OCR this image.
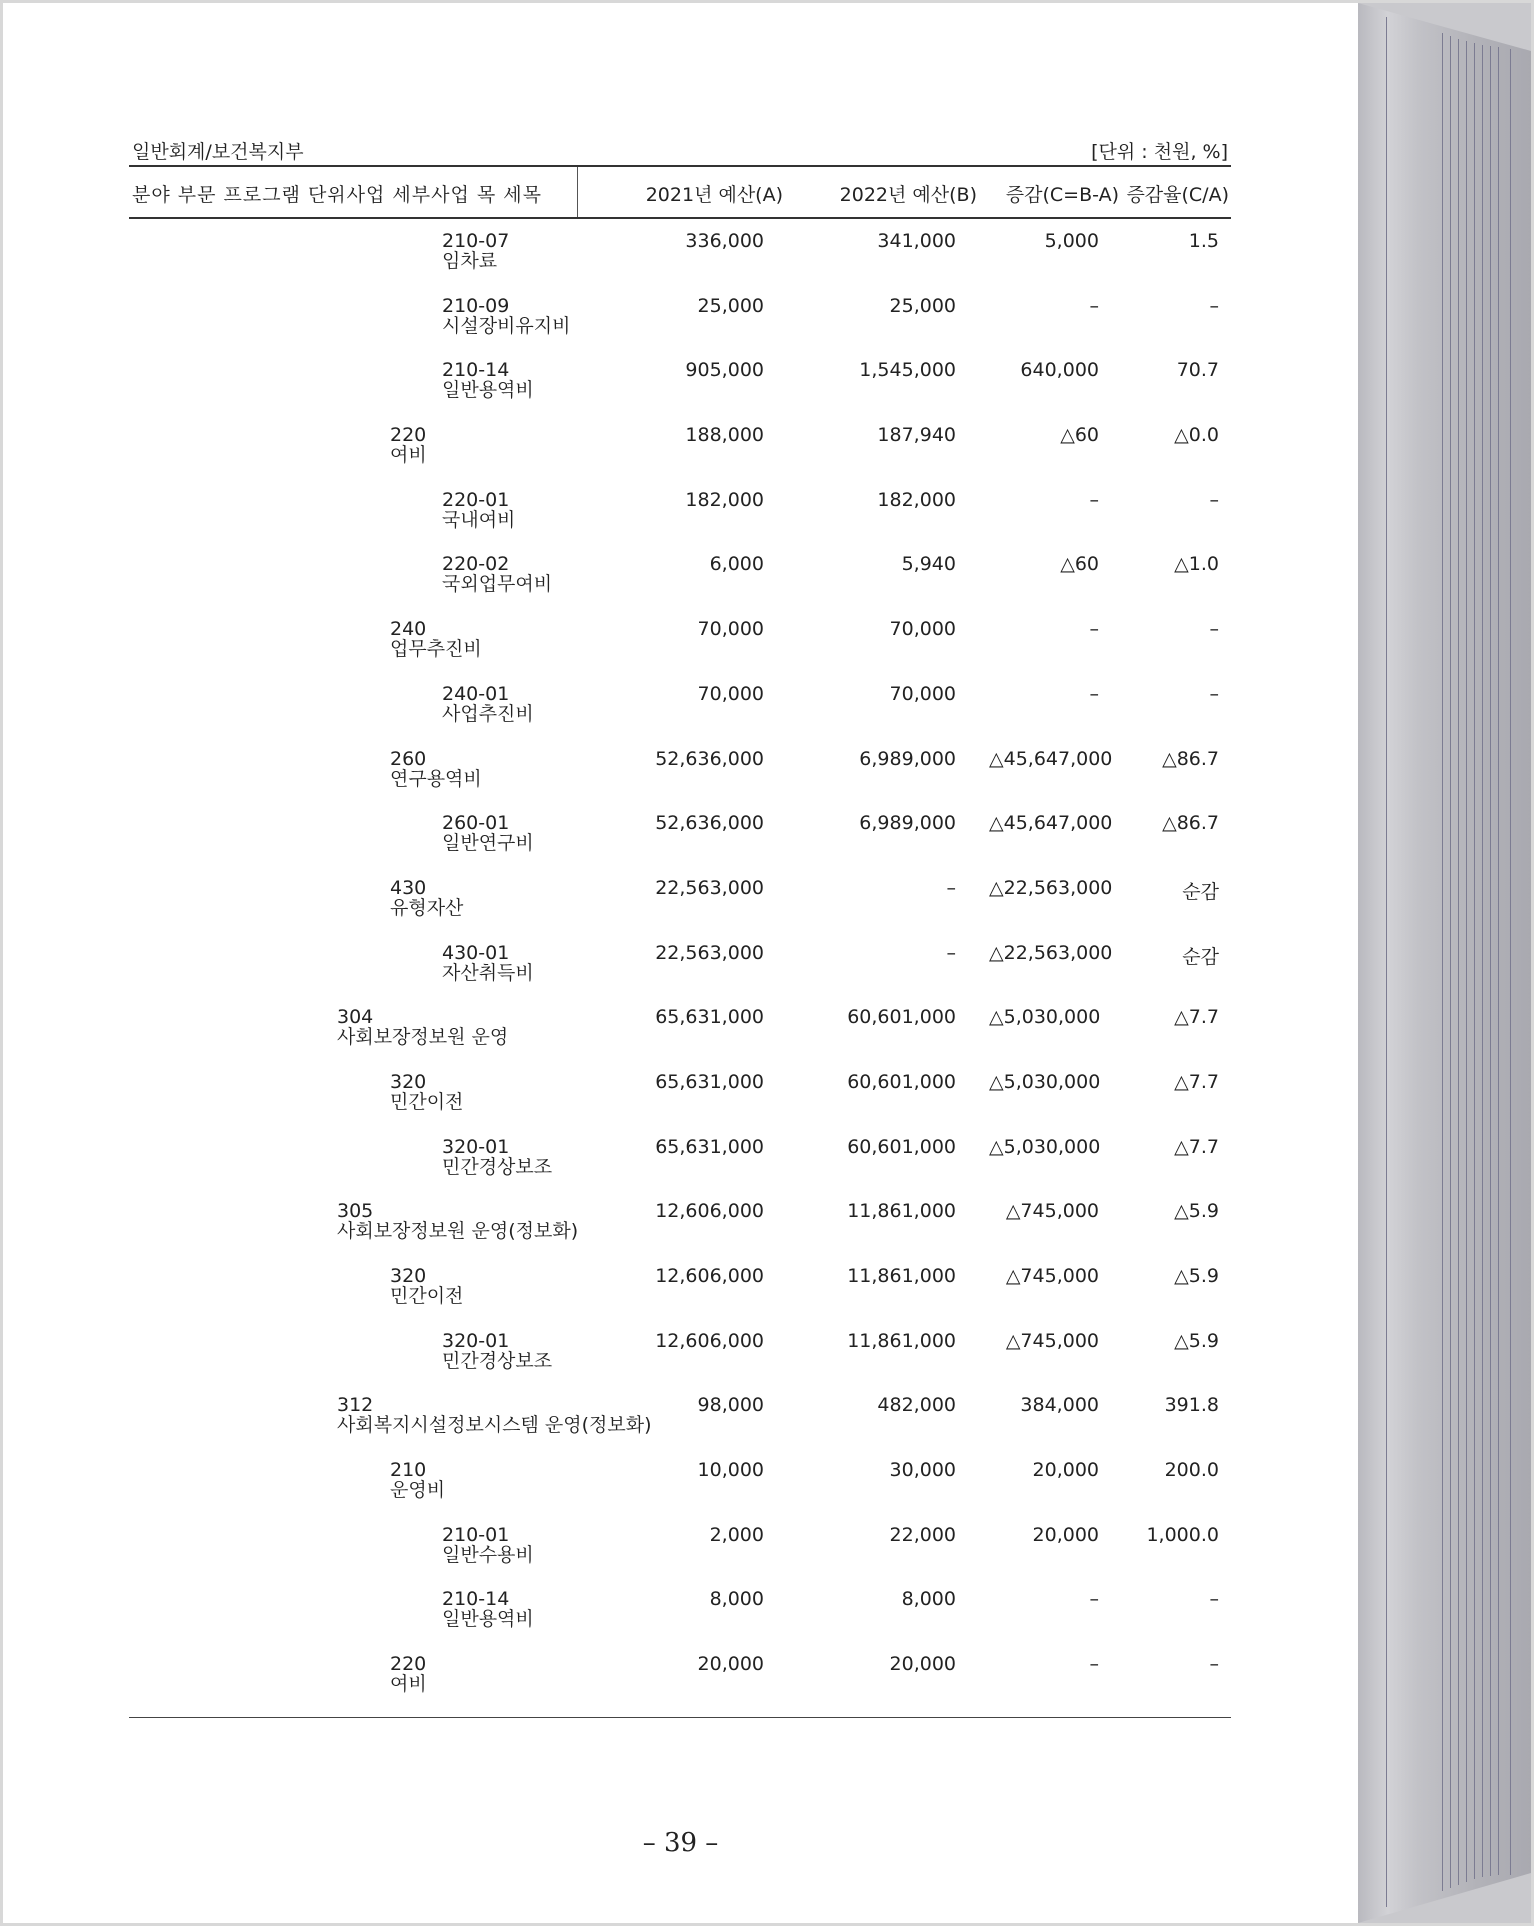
일반회계/보건복지부	[단위 : 천원, %]
분야 부문 프로그램 단위사업 세부사업 목 세목	2021년 예산(A)	2022년 예산(B)	증감(C=B-A) 증감율(C/A)
210-07
임차료
336,000	341,000	5,000	1.5
210-09
시설장비유지비
25,000	25,000	–	–
210-14
일반용역비
905,000	1,545,000	640,000	70.7
220
여비
188,000	187,940	△60	△0.0
220-01
국내여비
182,000	182,000	–	–
220-02
국외업무여비
6,000	5,940	△60	△1.0
240
업무추진비
70,000	70,000	–	–
240-01
사업추진비
70,000	70,000	–	–
260
연구용역비
52,636,000	6,989,000 △45,647,000	△86.7
260-01
일반연구비
52,636,000	6,989,000 △45,647,000	△86.7
430
유형자산
22,563,000	– △22,563,000	순감
430-01
자산취득비
22,563,000	– △22,563,000	순감
304
사회보장정보원 운영
65,631,000	60,601,000 △5,030,000	△7.7
320
민간이전
65,631,000	60,601,000 △5,030,000	△7.7
320-01
민간경상보조
65,631,000	60,601,000 △5,030,000	△7.7
305
사회보장정보원 운영(정보화)
12,606,000	11,861,000	△745,000	△5.9
320
민간이전
12,606,000	11,861,000	△745,000	△5.9
320-01
민간경상보조
12,606,000	11,861,000	△745,000	△5.9
312
사회복지시설정보시스템 운영(정보화)
98,000	482,000	384,000	391.8
210
운영비
10,000	30,000	20,000	200.0
210-01
일반수용비
2,000	22,000	20,000	1,000.0
210-14
일반용역비
8,000	8,000	–	–
220
여비
20,000	20,000	–	–
– 39 –
